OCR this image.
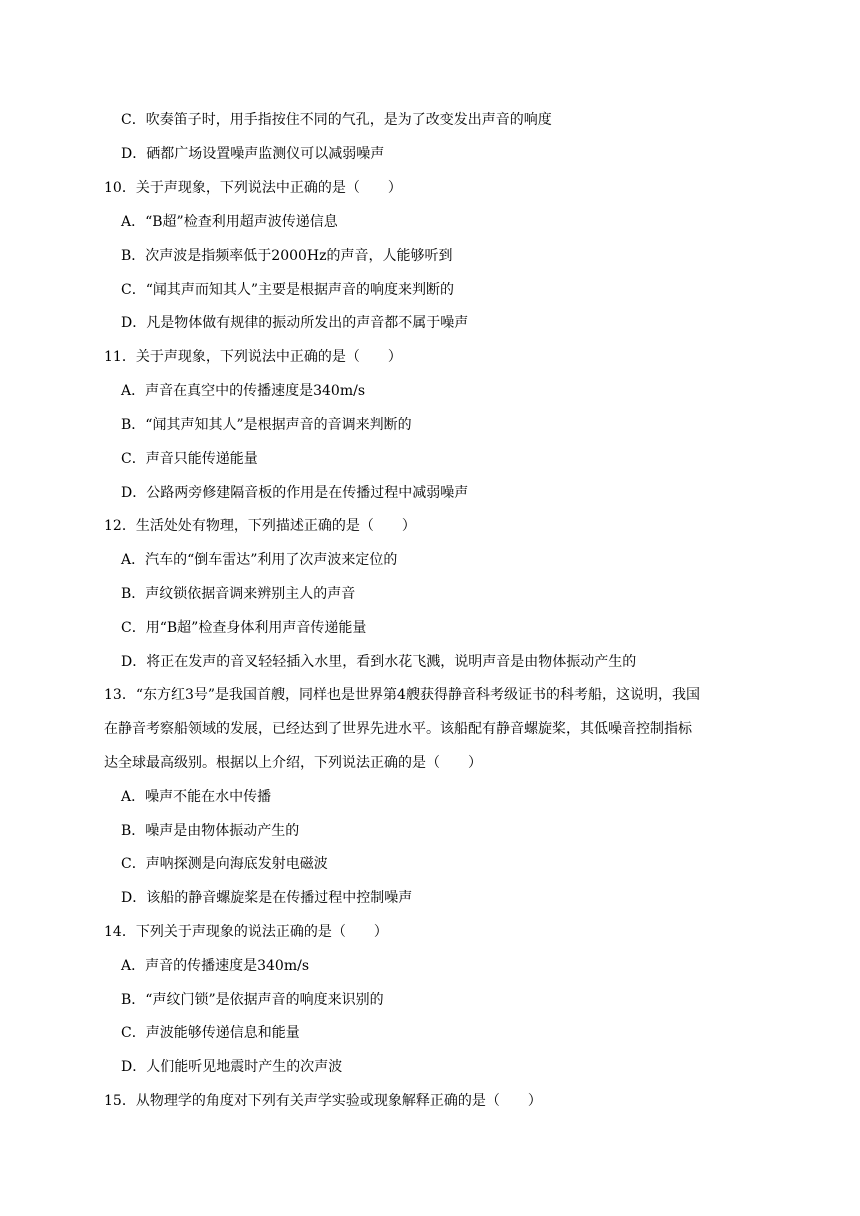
C．吹奏笛子时，用手指按住不同的气孔，是为了改变发出声音的响度
D．硒都广场设置噪声监测仪可以减弱噪声
10．关于声现象，下列说法中正确的是（　　）
A．“B超”检查利用超声波传递信息
B．次声波是指频率低于2000Hz的声音，人能够听到
C．“闻其声而知其人”主要是根据声音的响度来判断的
D．凡是物体做有规律的振动所发出的声音都不属于噪声
11．关于声现象，下列说法中正确的是（　　）
A．声音在真空中的传播速度是340m/s
B．“闻其声知其人”是根据声音的音调来判断的
C．声音只能传递能量
D．公路两旁修建隔音板的作用是在传播过程中减弱噪声
12．生活处处有物理，下列描述正确的是（　　）
A．汽车的“倒车雷达”利用了次声波来定位的
B．声纹锁依据音调来辨别主人的声音
C．用“B超”检查身体利用声音传递能量
D．将正在发声的音叉轻轻插入水里，看到水花飞溅，说明声音是由物体振动产生的
13．“东方红3号”是我国首艘，同样也是世界第4艘获得静音科考级证书的科考船，这说明，我国
在静音考察船领域的发展，已经达到了世界先进水平。该船配有静音螺旋桨，其低噪音控制指标
达全球最高级别。根据以上介绍，下列说法正确的是（　　）
A．噪声不能在水中传播
B．噪声是由物体振动产生的
C．声呐探测是向海底发射电磁波
D．该船的静音螺旋桨是在传播过程中控制噪声
14．下列关于声现象的说法正确的是（　　）
A．声音的传播速度是340m/s
B．“声纹门锁”是依据声音的响度来识别的
C．声波能够传递信息和能量
D．人们能听见地震时产生的次声波
15．从物理学的角度对下列有关声学实验或现象解释正确的是（　　）
